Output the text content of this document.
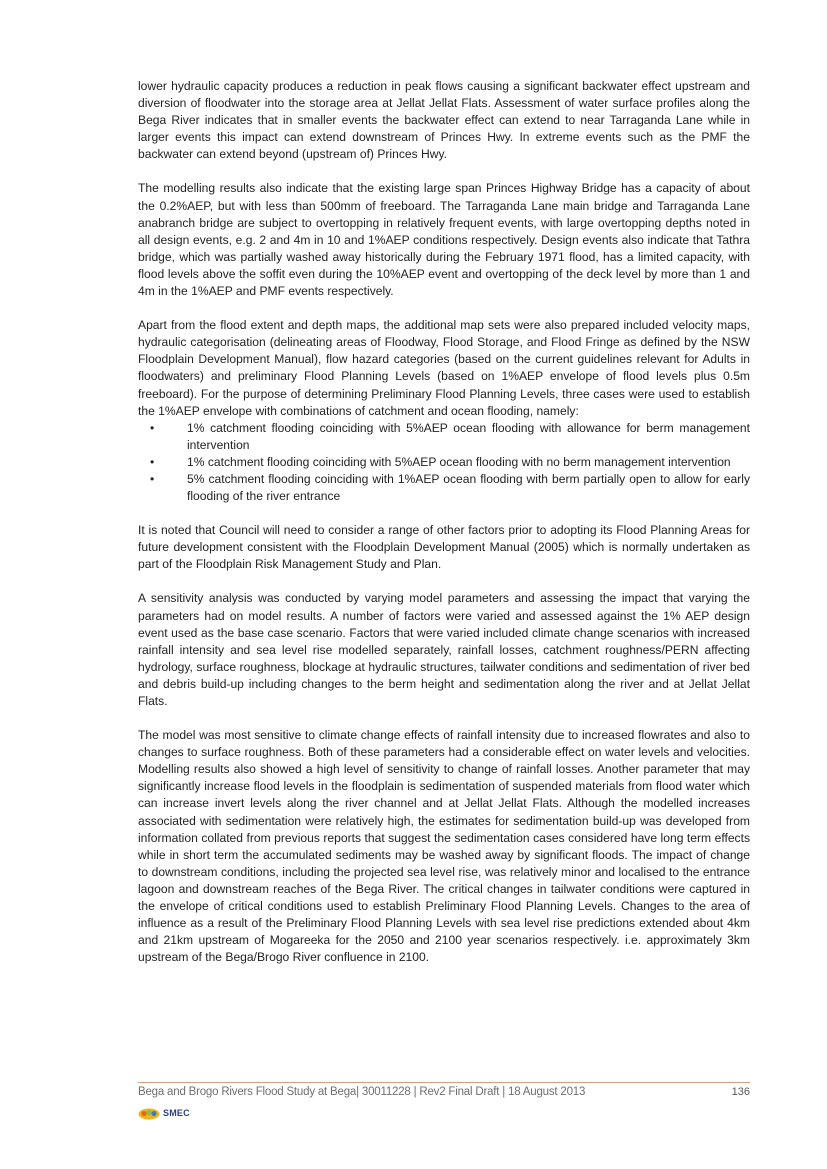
lower hydraulic capacity produces a reduction in peak flows causing a significant backwater effect upstream and diversion of floodwater into the storage area at Jellat Jellat Flats. Assessment of water surface profiles along the Bega River indicates that in smaller events the backwater effect can extend to near Tarraganda Lane while in larger events this impact can extend downstream of Princes Hwy. In extreme events such as the PMF the backwater can extend beyond (upstream of) Princes Hwy.

The modelling results also indicate that the existing large span Princes Highway Bridge has a capacity of about the 0.2%AEP, but with less than 500mm of freeboard. The Tarraganda Lane main bridge and Tarraganda Lane anabranch bridge are subject to overtopping in relatively frequent events, with large overtopping depths noted in all design events, e.g. 2 and 4m in 10 and 1%AEP conditions respectively. Design events also indicate that Tathra bridge, which was partially washed away historically during the February 1971 flood, has a limited capacity, with flood levels above the soffit even during the 10%AEP event and overtopping of the deck level by more than 1 and 4m in the 1%AEP and PMF events respectively.

Apart from the flood extent and depth maps, the additional map sets were also prepared included velocity maps, hydraulic categorisation (delineating areas of Floodway, Flood Storage, and Flood Fringe as defined by the NSW Floodplain Development Manual), flow hazard categories (based on the current guidelines relevant for Adults in floodwaters) and preliminary Flood Planning Levels (based on 1%AEP envelope of flood levels plus 0.5m freeboard). For the purpose of determining Preliminary Flood Planning Levels, three cases were used to establish the 1%AEP envelope with combinations of catchment and ocean flooding, namely:

•	1% catchment flooding coinciding with 5%AEP ocean flooding with allowance for berm management intervention
•	1% catchment flooding coinciding with 5%AEP ocean flooding with no berm management intervention
•	5% catchment flooding coinciding with 1%AEP ocean flooding with berm partially open to allow for early flooding of the river entrance

It is noted that Council will need to consider a range of other factors prior to adopting its Flood Planning Areas for future development consistent with the Floodplain Development Manual (2005) which is normally undertaken as part of the Floodplain Risk Management Study and Plan.

A sensitivity analysis was conducted by varying model parameters and assessing the impact that varying the parameters had on model results. A number of factors were varied and assessed against the 1% AEP design event used as the base case scenario. Factors that were varied included climate change scenarios with increased rainfall intensity and sea level rise modelled separately, rainfall losses, catchment roughness/PERN affecting hydrology, surface roughness, blockage at hydraulic structures, tailwater conditions and sedimentation of river bed and debris build-up including changes to the berm height and sedimentation along the river and at Jellat Jellat Flats.

The model was most sensitive to climate change effects of rainfall intensity due to increased flowrates and also to changes to surface roughness. Both of these parameters had a considerable effect on water levels and velocities. Modelling results also showed a high level of sensitivity to change of rainfall losses. Another parameter that may significantly increase flood levels in the floodplain is sedimentation of suspended materials from flood water which can increase invert levels along the river channel and at Jellat Jellat Flats. Although the modelled increases associated with sedimentation were relatively high, the estimates for sedimentation build-up was developed from information collated from previous reports that suggest the sedimentation cases considered have long term effects while in short term the accumulated sediments may be washed away by significant floods. The impact of change to downstream conditions, including the projected sea level rise, was relatively minor and localised to the entrance lagoon and downstream reaches of the Bega River. The critical changes in tailwater conditions were captured in the envelope of critical conditions used to establish Preliminary Flood Planning Levels. Changes to the area of influence as a result of the Preliminary Flood Planning Levels with sea level rise predictions extended about 4km and 21km upstream of Mogareeka for the 2050 and 2100 year scenarios respectively. i.e. approximately 3km upstream of the Bega/Brogo River confluence in 2100.

Bega and Brogo Rivers Flood Study at Bega| 30011228 | Rev2 Final Draft | 18 August 2013	136
SMEC
